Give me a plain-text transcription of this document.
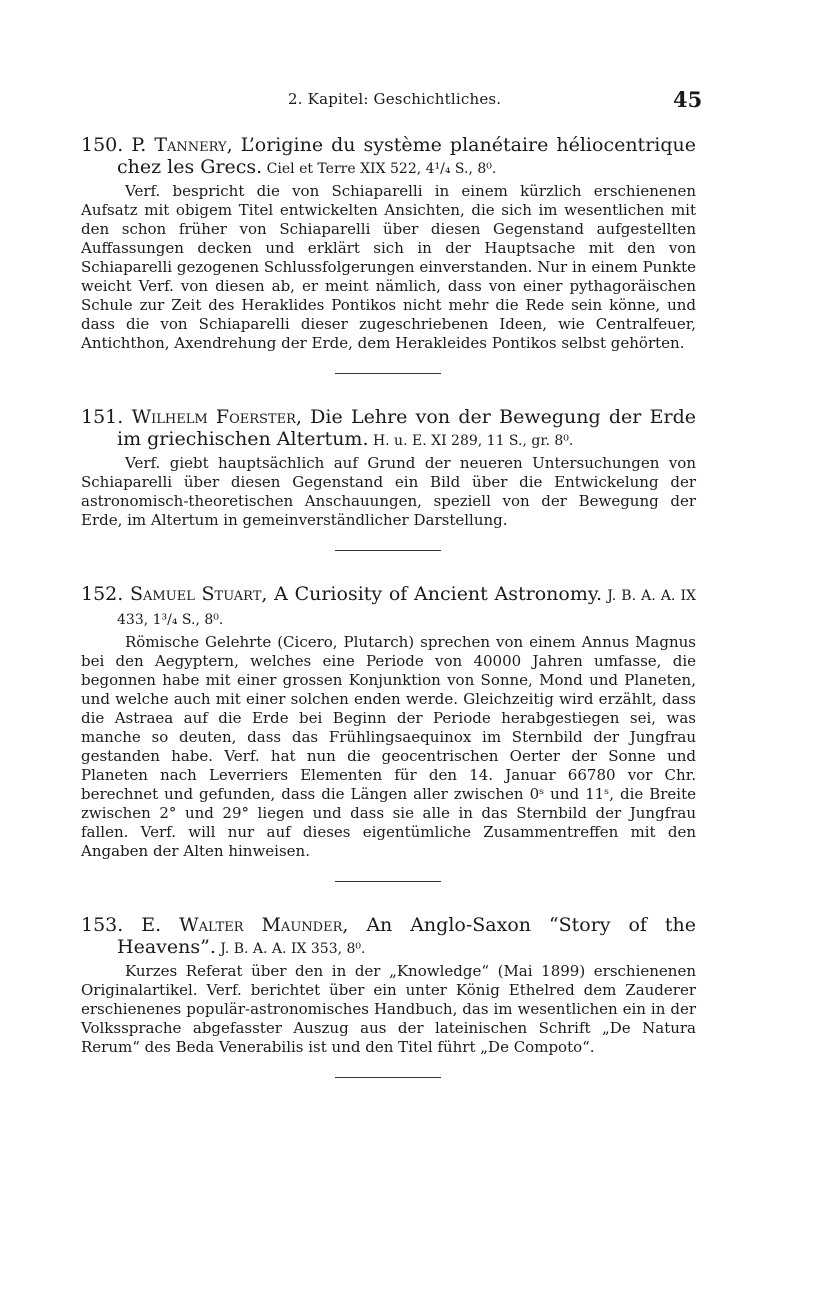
2. Kapitel: Geschichtliches.	45
150. P. Tannery, L’origine du système planétaire héliocentrique chez les Grecs. Ciel et Terre XIX 522, 4¹/₄ S., 8⁰.
Verf. bespricht die von Schiaparelli in einem kürzlich erschienenen Aufsatz mit obigem Titel entwickelten Ansichten, die sich im wesentlichen mit den schon früher von Schiaparelli über diesen Gegenstand aufgestellten Auffassungen decken und erklärt sich in der Hauptsache mit den von Schiaparelli gezogenen Schlussfolgerungen einverstanden. Nur in einem Punkte weicht Verf. von diesen ab, er meint nämlich, dass von einer pythagoräischen Schule zur Zeit des Heraklides Pontikos nicht mehr die Rede sein könne, und dass die von Schiaparelli dieser zugeschriebenen Ideen, wie Centralfeuer, Antichthon, Axendrehung der Erde, dem Herakleides Pontikos selbst gehörten.
151. Wilhelm Foerster, Die Lehre von der Bewegung der Erde im griechischen Altertum. H. u. E. XI 289, 11 S., gr. 8⁰.
Verf. giebt hauptsächlich auf Grund der neueren Untersuchungen von Schiaparelli über diesen Gegenstand ein Bild über die Entwickelung der astronomisch-theoretischen Anschauungen, speziell von der Bewegung der Erde, im Altertum in gemeinverständlicher Darstellung.
152. Samuel Stuart, A Curiosity of Ancient Astronomy. J. B. A. A. IX 433, 1³/₄ S., 8⁰.
Römische Gelehrte (Cicero, Plutarch) sprechen von einem Annus Magnus bei den Aegyptern, welches eine Periode von 40000 Jahren umfasse, die begonnen habe mit einer grossen Konjunktion von Sonne, Mond und Planeten, und welche auch mit einer solchen enden werde. Gleichzeitig wird erzählt, dass die Astraea auf die Erde bei Beginn der Periode herabgestiegen sei, was manche so deuten, dass das Frühlingsaequinox im Sternbild der Jungfrau gestanden habe. Verf. hat nun die geocentrischen Oerter der Sonne und Planeten nach Leverriers Elementen für den 14. Januar 66780 vor Chr. berechnet und gefunden, dass die Längen aller zwischen 0ˢ und 11ˢ, die Breite zwischen 2° und 29° liegen und dass sie alle in das Sternbild der Jungfrau fallen. Verf. will nur auf dieses eigentümliche Zusammentreffen mit den Angaben der Alten hinweisen.
153. E. Walter Maunder, An Anglo-Saxon “Story of the Heavens”. J. B. A. A. IX 353, 8⁰.
Kurzes Referat über den in der „Knowledge“ (Mai 1899) erschienenen Originalartikel. Verf. berichtet über ein unter König Ethelred dem Zauderer erschienenes populär-astronomisches Handbuch, das im wesentlichen ein in der Volkssprache abgefasster Auszug aus der lateinischen Schrift „De Natura Rerum“ des Beda Venerabilis ist und den Titel führt „De Compoto“.
